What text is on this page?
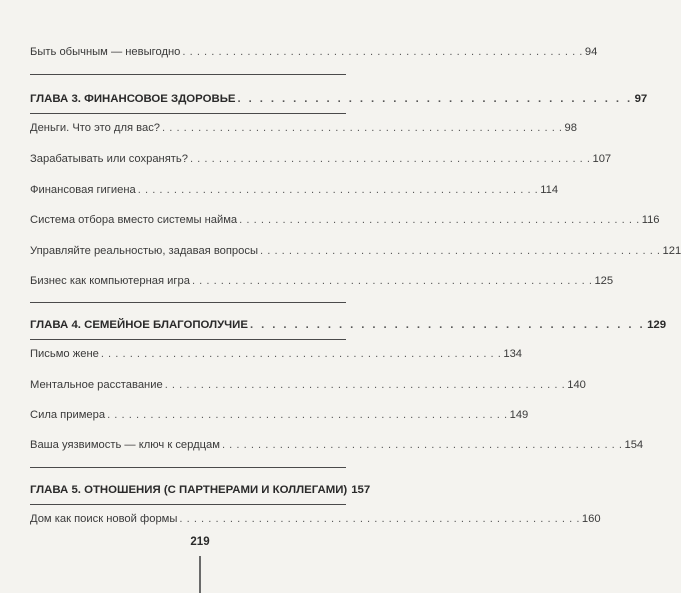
Быть обычным — невыгодно . . . . . . . . . . . . . . . . . . . . . . . . . . . . . . . . . . . . . . . . . . . . . . . . . . . . . . . . 94
ГЛАВА 3. ФИНАНСОВОЕ ЗДОРОВЬЕ . . . . . . . . . . . . . . . . . . . . . . . . . . . . . . . . . . . . 97
Деньги. Что это для вас? . . . . . . . . . . . . . . . . . . . . . . . . . . . . . . . . . . . . . . . . . . . . . . . . . . . . . . . . 98
Зарабатывать или сохранять? . . . . . . . . . . . . . . . . . . . . . . . . . . . . . . . . . . . . . . . . . . . . . . . . . . . . . . . . 107
Финансовая гигиена . . . . . . . . . . . . . . . . . . . . . . . . . . . . . . . . . . . . . . . . . . . . . . . . . . . . . . . . 114
Система отбора вместо системы найма . . . . . . . . . . . . . . . . . . . . . . . . . . . . . . . . . . . . . . . . . . . . . . . . . . . . . . . . 116
Управляйте реальностью, задавая вопросы . . . . . . . . . . . . . . . . . . . . . . . . . . . . . . . . . . . . . . . . . . . . . . . . . . . . . . . . 121
Бизнес как компьютерная игра . . . . . . . . . . . . . . . . . . . . . . . . . . . . . . . . . . . . . . . . . . . . . . . . . . . . . . . . 125
ГЛАВА 4. СЕМЕЙНОЕ БЛАГОПОЛУЧИЕ . . . . . . . . . . . . . . . . . . . . . . . . . . . . . . . . . . . . 129
Письмо жене . . . . . . . . . . . . . . . . . . . . . . . . . . . . . . . . . . . . . . . . . . . . . . . . . . . . . . . . 134
Ментальное расставание . . . . . . . . . . . . . . . . . . . . . . . . . . . . . . . . . . . . . . . . . . . . . . . . . . . . . . . . 140
Сила примера . . . . . . . . . . . . . . . . . . . . . . . . . . . . . . . . . . . . . . . . . . . . . . . . . . . . . . . . 149
Ваша уязвимость — ключ к сердцам . . . . . . . . . . . . . . . . . . . . . . . . . . . . . . . . . . . . . . . . . . . . . . . . . . . . . . . . 154
ГЛАВА 5. ОТНОШЕНИЯ (С ПАРТНЕРАМИ И КОЛЛЕГАМИ) 157
Дом как поиск новой формы . . . . . . . . . . . . . . . . . . . . . . . . . . . . . . . . . . . . . . . . . . . . . . . . . . . . . . . . 160
219
